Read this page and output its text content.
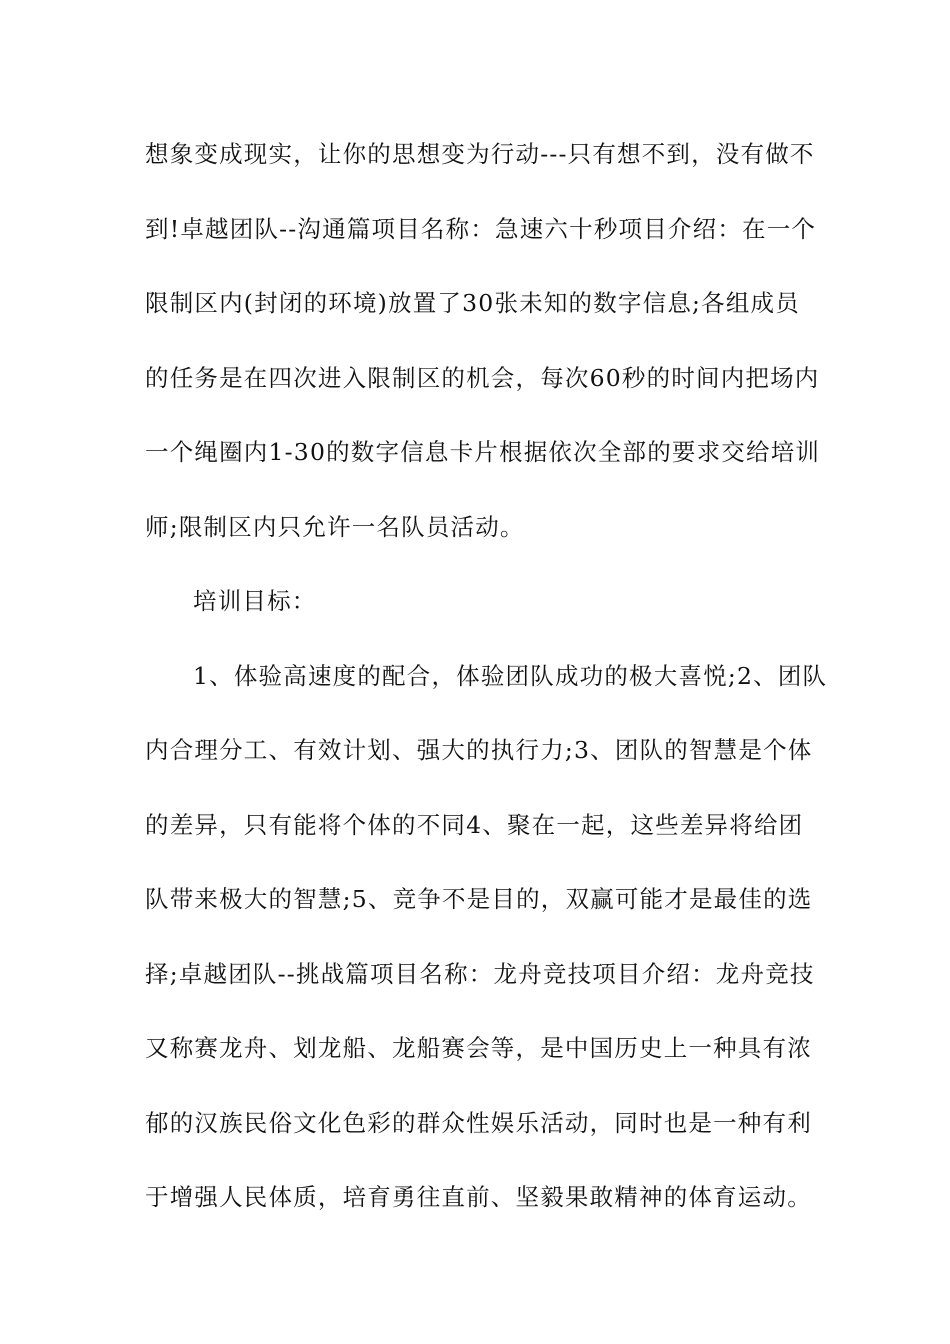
想象变成现实，让你的思想变为行动---只有想不到，没有做不
到!卓越团队--沟通篇项目名称：急速六十秒项目介绍：在一个
限制区内(封闭的环境)放置了30张未知的数字信息;各组成员
的任务是在四次进入限制区的机会，每次60秒的时间内把场内
一个绳圈内1-30的数字信息卡片根据依次全部的要求交给培训
师;限制区内只允许一名队员活动。
培训目标：
1、体验高速度的配合，体验团队成功的极大喜悦;2、团队
内合理分工、有效计划、强大的执行力;3、团队的智慧是个体
的差异，只有能将个体的不同4、聚在一起，这些差异将给团
队带来极大的智慧;5、竞争不是目的，双赢可能才是最佳的选
择;卓越团队--挑战篇项目名称：龙舟竞技项目介绍：龙舟竞技
又称赛龙舟、划龙船、龙船赛会等，是中国历史上一种具有浓
郁的汉族民俗文化色彩的群众性娱乐活动，同时也是一种有利
于增强人民体质，培育勇往直前、坚毅果敢精神的体育运动。
